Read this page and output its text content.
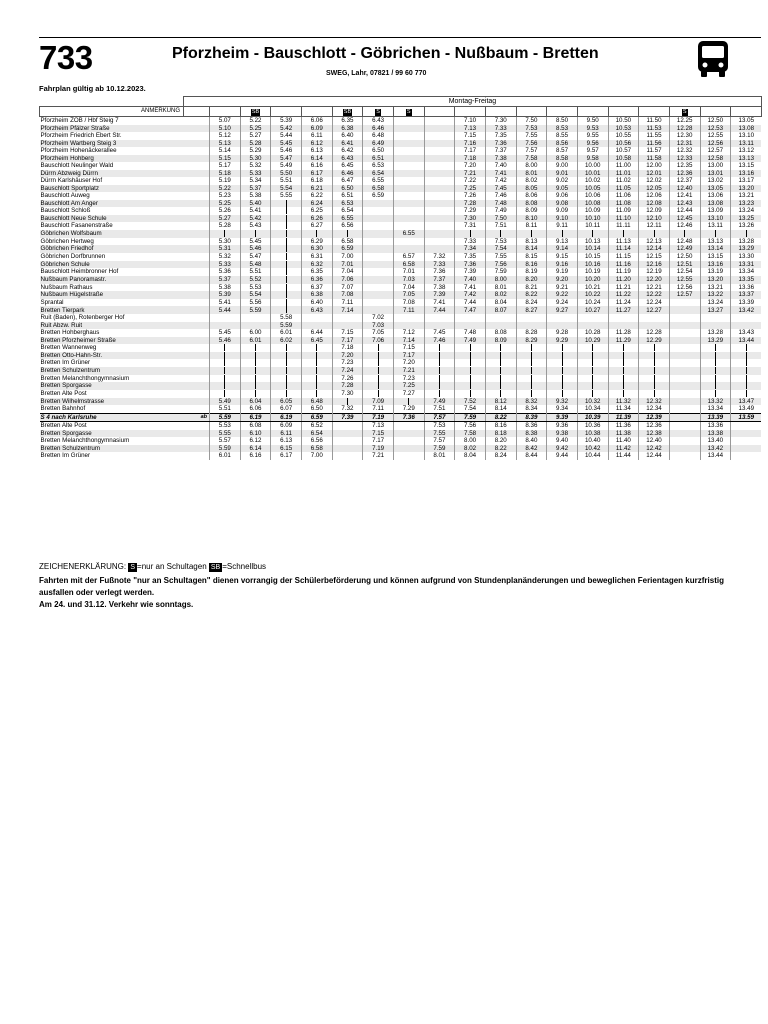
733	Pforzheim - Bauschlott - Göbrichen - Nußbaum - Bretten
SWEG, Lahr, 07821 / 99 60 770
Fahrplan gültig ab 10.12.2023.
	Montag-Freitag																		
ANMERKUNG			SB			SB	S	S									S		
Pforzheim ZOB / Hbf Steig 7		5.07	5.22	5.39	6.06	6.35	6.43			7.10	7.30	7.50	8.50	9.50	10.50	11.50	12.25	12.50	13.05
Pforzheim Pfälzer Straße		5.10	5.25	5.42	6.09	6.38	6.46			7.13	7.33	7.53	8.53	9.53	10.53	11.53	12.28	12.53	13.08
Pforzheim Friedrich Ebert Str.		5.12	5.27	5.44	6.11	6.40	6.48			7.15	7.35	7.55	8.55	9.55	10.55	11.55	12.30	12.55	13.10
Pforzheim Wartberg Steig 3		5.13	5.28	5.45	6.12	6.41	6.49			7.16	7.36	7.56	8.56	9.56	10.56	11.56	12.31	12.56	13.11
Pforzheim Hohenäckerallee		5.14	5.29	5.46	6.13	6.42	6.50			7.17	7.37	7.57	8.57	9.57	10.57	11.57	12.32	12.57	13.12
Pforzheim Hohberg		5.15	5.30	5.47	6.14	6.43	6.51			7.18	7.38	7.58	8.58	9.58	10.58	11.58	12.33	12.58	13.13
Bauschlott Neulinger Wald		5.17	5.32	5.49	6.16	6.45	6.53			7.20	7.40	8.00	9.00	10.00	11.00	12.00	12.35	13.00	13.15
Dürrn Abzweig Dürrn		5.18	5.33	5.50	6.17	6.46	6.54			7.21	7.41	8.01	9.01	10.01	11.01	12.01	12.36	13.01	13.16
Dürrn Karlshäuser Hof		5.19	5.34	5.51	6.18	6.47	6.55			7.22	7.42	8.02	9.02	10.02	11.02	12.02	12.37	13.02	13.17
Bauschlott Sportplatz		5.22	5.37	5.54	6.21	6.50	6.58			7.25	7.45	8.05	9.05	10.05	11.05	12.05	12.40	13.05	13.20
Bauschlott Auweg		5.23	5.38	5.55	6.22	6.51	6.59			7.26	7.46	8.06	9.06	10.06	11.06	12.06	12.41	13.06	13.21
Bauschlott Am Anger		5.25	5.40		6.24	6.53				7.28	7.48	8.08	9.08	10.08	11.08	12.08	12.43	13.08	13.23
Bauschlott Schloß		5.26	5.41		6.25	6.54				7.29	7.49	8.09	9.09	10.09	11.09	12.09	12.44	13.09	13.24
Bauschlott Neue Schule		5.27	5.42		6.26	6.55				7.30	7.50	8.10	9.10	10.10	11.10	12.10	12.45	13.10	13.25
Bauschlott Fasanenstraße		5.28	5.43		6.27	6.56				7.31	7.51	8.11	9.11	10.11	11.11	12.11	12.46	13.11	13.26
Göbrichen Wolfsbaum								6.55											
Göbrichen Hertweg		5.30	5.45		6.29	6.58				7.33	7.53	8.13	9.13	10.13	11.13	12.13	12.48	13.13	13.28
Göbrichen Friedhof		5.31	5.46		6.30	6.59				7.34	7.54	8.14	9.14	10.14	11.14	12.14	12.49	13.14	13.29
Göbrichen Dorfbrunnen		5.32	5.47		6.31	7.00		6.57	7.32	7.35	7.55	8.15	9.15	10.15	11.15	12.15	12.50	13.15	13.30
Göbrichen Schule		5.33	5.48		6.32	7.01		6.58	7.33	7.36	7.56	8.16	9.16	10.16	11.16	12.16	12.51	13.16	13.31
Bauschlott Heimbronner Hof		5.36	5.51		6.35	7.04		7.01	7.36	7.39	7.59	8.19	9.19	10.19	11.19	12.19	12.54	13.19	13.34
Nußbaum Panoramastr.		5.37	5.52		6.36	7.06		7.03	7.37	7.40	8.00	8.20	9.20	10.20	11.20	12.20	12.55	13.20	13.35
Nußbaum Rathaus		5.38	5.53		6.37	7.07		7.04	7.38	7.41	8.01	8.21	9.21	10.21	11.21	12.21	12.56	13.21	13.36
Nußbaum Hügelstraße		5.39	5.54		6.38	7.08		7.05	7.39	7.42	8.02	8.22	9.22	10.22	11.22	12.22	12.57	13.22	13.37
Sprantal		5.41	5.56		6.40	7.11		7.08	7.41	7.44	8.04	8.24	9.24	10.24	11.24	12.24		13.24	13.39
Bretten Tierpark		5.44	5.59		6.43	7.14		7.11	7.44	7.47	8.07	8.27	9.27	10.27	11.27	12.27		13.27	13.42
Ruit (Baden), Rotenberger Hof				5.58			7.02												
Ruit Abzw. Ruit				5.59			7.03												
Bretten Hohberghaus		5.45	6.00	6.01	6.44	7.15	7.05	7.12	7.45	7.48	8.08	8.28	9.28	10.28	11.28	12.28		13.28	13.43
Bretten Pforzheimer Straße		5.46	6.01	6.02	6.45	7.17	7.06	7.14	7.46	7.49	8.09	8.29	9.29	10.29	11.29	12.29		13.29	13.44
Bretten Wannenweg						7.18		7.15											
Bretten Otto-Hahn-Str.						7.20		7.17											
Bretten Im Grüner						7.23		7.20											
Bretten Schulzentrum						7.24		7.21											
Bretten Melanchthongymnasium						7.26		7.23											
Bretten Sporgasse						7.28		7.25											
Bretten Alte Post						7.30		7.27											
Bretten Wilhelmstrasse		5.49	6.04	6.05	6.48		7.09		7.49	7.52	8.12	8.32	9.32	10.32	11.32	12.32		13.32	13.47
Bretten Bahnhof		5.51	6.06	6.07	6.50	7.32	7.11	7.29	7.51	7.54	8.14	8.34	9.34	10.34	11.34	12.34		13.34	13.49
S 4 nach Karlsruhe	ab	5.59	6.19	6.19	6.59	7.39	7.19	7.36	7.57	7.59	8.22	8.39	9.39	10.39	11.39	12.39		13.39	13.59
Bretten Alte Post		5.53	6.08	6.09	6.52		7.13		7.53	7.56	8.16	8.36	9.36	10.36	11.36	12.36		13.36	
Bretten Sporgasse		5.55	6.10	6.11	6.54		7.15		7.55	7.58	8.18	8.38	9.38	10.38	11.38	12.38		13.38	
Bretten Melanchthongymnasium		5.57	6.12	6.13	6.56		7.17		7.57	8.00	8.20	8.40	9.40	10.40	11.40	12.40		13.40	
Bretten Schulzentrum		5.59	6.14	6.15	6.58		7.19		7.59	8.02	8.22	8.42	9.42	10.42	11.42	12.42		13.42	
Bretten Im Grüner		6.01	6.16	6.17	7.00		7.21		8.01	8.04	8.24	8.44	9.44	10.44	11.44	12.44		13.44	
ZEICHENERKLÄRUNG: S =nur an Schultagen SB =Schnellbus
Fahrten mit der Fußnote "nur an Schultagen" dienen vorrangig der Schülerbeförderung und können aufgrund von Stundenplanänderungen und beweglichen Ferientagen kurzfristig ausfallen oder verlegt werden.
Am 24. und 31.12. Verkehr wie sonntags.
